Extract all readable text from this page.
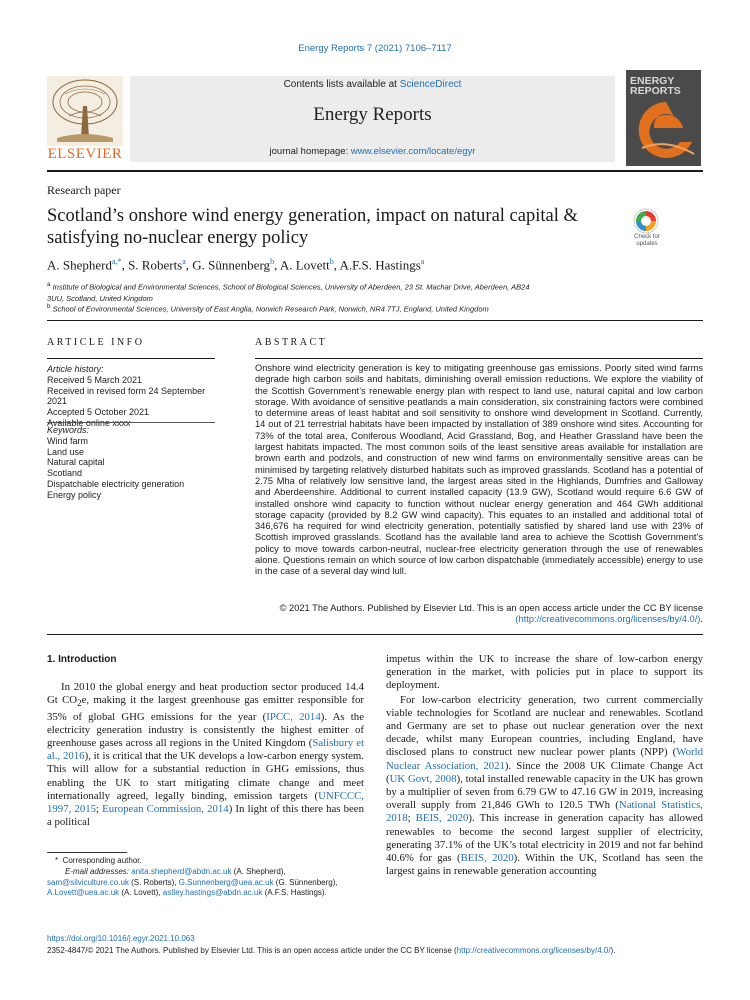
Energy Reports 7 (2021) 7106–7117
ELSEVIER
Contents lists available at ScienceDirect
Energy Reports
journal homepage: www.elsevier.com/locate/egyr
ENERGY
REPORTS
Research paper
Scotland’s onshore wind energy generation, impact on natural capital & satisfying no-nuclear energy policy	Check for
updates
A. Shepherd$^{a,*}$, S. Roberts$^a$, G. Sünnenberg$^b$, A. Lovett$^b$, A.F.S. Hastings$^a$
$^a$ Institute of Biological and Environmental Sciences, School of Biological Sciences, University of Aberdeen, 23 St. Machar Drive, Aberdeen, AB24
3UU, Scotland, United Kingdom
$^b$ School of Environmental Sciences, University of East Anglia, Norwich Research Park, Norwich, NR4 7TJ, England, United Kingdom
ARTICLE INFO
Article history:
Received 5 March 2021
Received in revised form 24 September 2021
Accepted 5 October 2021
Keywords:
Wind farm
Land use
Natural capital
Scotland
Dispatchable electricity generation
Energy policy
ABSTRACT
Onshore wind electricity generation is key to mitigating greenhouse gas emissions. Poorly sited wind farms degrade high carbon soils and habitats, diminishing overall emission reductions. We explore the viability of the Scottish Government’s renewable energy plan with respect to land use, natural capital and low carbon storage. With avoidance of sensitive peatlands a main consideration, six constraining factors were combined to determine areas of least habitat and soil sensitivity to onshore wind development in Scotland. Currently, 14 out of 21 terrestrial habitats have been impacted by installation of 389 onshore wind sites. Accounting for 73% of the total area, Coniferous Woodland, Acid Grassland, Bog, and Heather Grassland have been the largest habitats impacted. The most common soils of the least sensitive areas available for installation are brown earth and podzols, and construction of new wind farms on environmentally sensitive areas can be minimised by targeting relatively disturbed habitats such as improved grasslands. Scotland has a potential of 2.75 Mha of relatively low sensitive land, the largest areas sited in the Highlands, Dumfries and Galloway and Aberdeenshire. Additional to current installed capacity (13.9 GW), Scotland would require 6.6 GW of installed onshore wind capacity to function without nuclear energy generation and 464 GWh additional storage capacity (provided by 8.2 GW wind capacity). This equates to an installed and additional total of 346,676 ha required for wind electricity generation, potentially satisfied by shared land use with 23% of Scottish improved grasslands. Scotland has the available land area to achieve the Scottish Government’s policy to move towards carbon-neutral, nuclear-free electricity generation through the use of renewables alone. Questions remain on which source of low carbon dispatchable (immediately accessible) energy to use in the case of a several day wind lull.
© 2021 The Authors. Published by Elsevier Ltd. This is an open access article under the CC BY license
(http://creativecommons.org/licenses/by/4.0/).
1. Introduction

In 2010 the global energy and heat production sector produced 14.4 Gt $CO_2e$, making it the largest greenhouse gas emitter responsible for 35% of global GHG emissions for the year (IPCC, 2014). As the electricity generation industry is consistently the highest emitter of greenhouse gases across all regions in the United Kingdom (Salisbury et al., 2016), it is critical that the UK develops a low-carbon energy system. This will allow for a substantial reduction in GHG emissions, thus enabling the UK to start mitigating climate change and meet internationally agreed, legally binding, emission targets (UNFCCC, 1997, 2015; European Commission, 2014) In light of this there has been a political

impetus within the UK to increase the share of low-carbon energy generation in the market, with policies put in place to support its deployment.

For low-carbon electricity generation, two current commercially viable technologies for Scotland are nuclear and renewables. Scotland and Germany are set to phase out nuclear generation over the next decade, whilst many European countries, including England, have disclosed plans to construct new nuclear power plants (NPP) (World Nuclear Association, 2021). Since the 2008 UK Climate Change Act (UK Govt, 2008), total installed renewable capacity in the UK has grown by a multiplier of seven from 6.79 GW to 47.16 GW in 2019, increasing overall supply from 21,846 GWh to 120.5 TWh (National Statistics, 2018; BEIS, 2020). This increase in generation capacity has allowed renewables to become the second largest supplier of electricity, generating 37.1% of the UK’s total electricity in 2019 and not far behind 40.6% for gas (BEIS, 2020). Within the UK, Scotland has seen the largest gains in renewable generation accounting

*  Corresponding author.
E-mail addresses: anita.shepherd@abdn.ac.uk (A. Shepherd),
sam@silviculture.co.uk (S. Roberts), G.Sunnenberg@uea.ac.uk (G. Sünnenberg),
A.Lovett@uea.ac.uk (A. Lovett), astley.hastings@abdn.ac.uk (A.F.S. Hastings).
https://doi.org/10.1016/j.egyr.2021.10.063
2352-4847/© 2021 The Authors. Published by Elsevier Ltd. This is an open access article under the CC BY license (http://creativecommons.org/licenses/by/4.0/).
